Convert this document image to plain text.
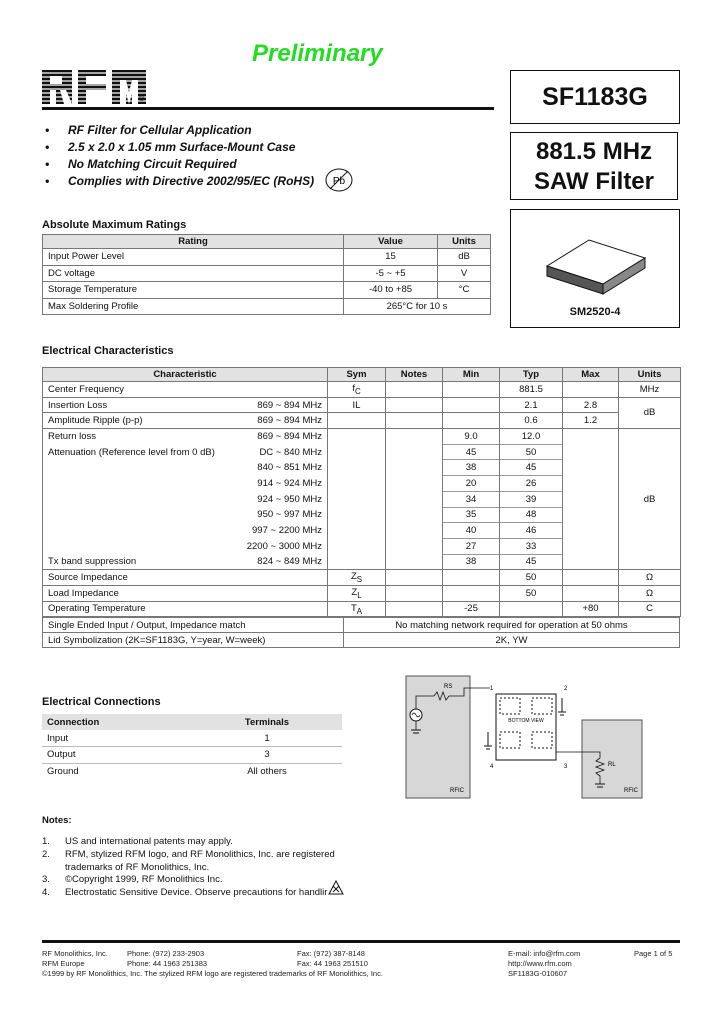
Preliminary
®	SF1183G
881.5 MHz
SAW Filter
SM2520-4
• RF Filter for Cellular Application
• 2.5 x 2.0 x 1.05 mm Surface-Mount Case
• No Matching Circuit Required
• Complies with Directive 2002/95/EC (RoHS) Pb
Absolute Maximum Ratings
Rating	Value	Units
Input Power Level	15	dB
DC voltage	-5 ~ +5	V
Storage Temperature	-40 to +85	°C
Max Soldering Profile	265°C for 10 s	
Electrical Characteristics
Characteristic		Sym	Notes	Min	Typ	Max	Units
Center Frequency		$f_C$			881.5		MHz
Insertion Loss	869 ~ 894 MHz	IL			2.1	2.8	dB
Amplitude Ripple (p-p)	869 ~ 894 MHz				0.6	1.2	
Return loss	869 ~ 894 MHz			9.0	12.0		dB
Attenuation (Reference level from 0 dB)	DC ~ 840 MHz			45	50		
	840 ~ 851 MHz			38	45		
	914 ~ 924 MHz			20	26		
	924 ~ 950 MHz			34	39		
	950 ~ 997 MHz			35	48		
	997 ~ 2200 MHz			40	46		
	2200 ~ 3000 MHz			27	33		
Tx band suppression	824 ~ 849 MHz			38	45		
Source Impedance		$Z_S$			50		Ω
Load Impedance		$Z_L$			50		Ω
Operating Temperature		$T_A$		-25		+80	C
Single Ended Input / Output, Impedance match	No matching network required for operation at 50 ohms
Lid Symbolization (2K=SF1183G, Y=year, W=week)	2K, YW
Electrical Connections
Connection	Terminals
Input	1
Output	3
Ground	All others
RS
RFIC
BOTTOM VIEW
1	2
4	3	RL
RFIC
Notes:
1.	US and international patents may apply.
2.	RFM, stylized RFM logo, and RF Monolithics, Inc. are registered trademarks of RF Monolithics, Inc.
3.	©Copyright 1999, RF Monolithics Inc.
4.	Electrostatic Sensitive Device. Observe precautions for handlir
RF Monolithics, Inc.	Phone: (972) 233-2903	Fax: (972) 387-8148	E-mail: info@rfm.com	Page 1 of 5
RFM Europe	Phone: 44 1963 251383	Fax: 44 1963 251510	http://www.rfm.com
©1999 by RF Monolithics, Inc. The stylized RFM logo are registered trademarks of RF Monolithics, Inc.	SF1183G-010607
